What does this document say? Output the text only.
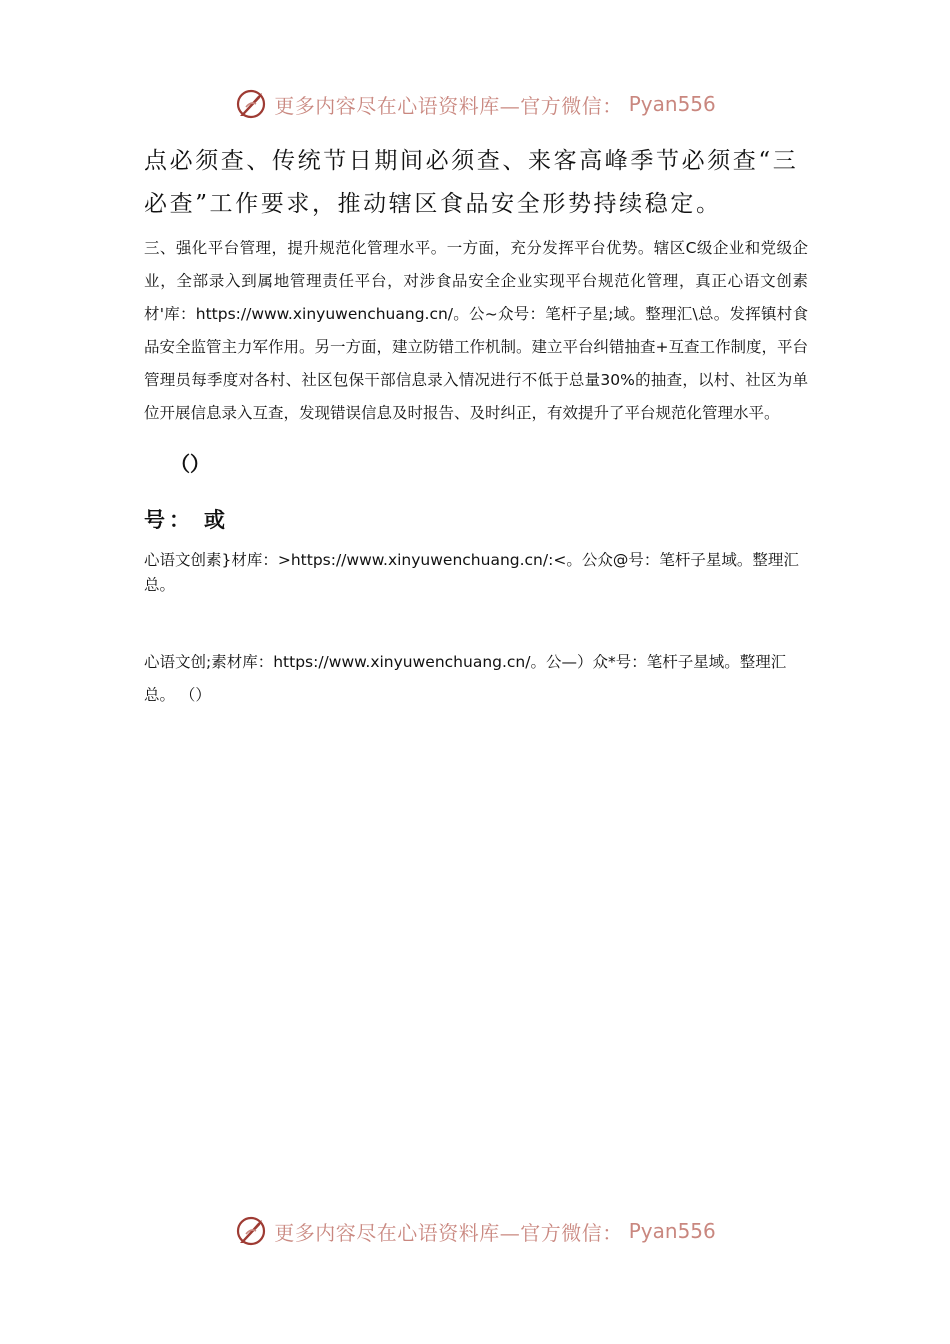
更多内容尽在心语资料库—官方微信： Pyan556

点必须查、传统节日期间必须查、来客高峰季节必须查“三必查”工作要求，推动辖区食品安全形势持续稳定。

三、强化平台管理，提升规范化管理水平。一方面，充分发挥平台优势。辖区C级企业和党级企业，全部录入到属地管理责任平台，对涉食品安全企业实现平台规范化管理，真正心语文创素材'库：https://www.xinyuwenchuang.cn/。公~众号：笔杆子星;域。整理汇\总。发挥镇村食品安全监管主力军作用。另一方面，建立防错工作机制。建立平台纠错抽查+互查工作制度，平台管理员每季度对各村、社区包保干部信息录入情况进行不低于总量30%的抽查，以村、社区为单位开展信息录入互查，发现错误信息及时报告、及时纠正，有效提升了平台规范化管理水平。

（）
号： 或

心语文创素}材库：>https://www.xinyuwenchuang.cn/:<。公众@号：笔杆子星域。整理汇总。

心语文创;素材库：https://www.xinyuwenchuang.cn/。公—）众*号：笔杆子星域。整理汇总。 （）

更多内容尽在心语资料库—官方微信： Pyan556
